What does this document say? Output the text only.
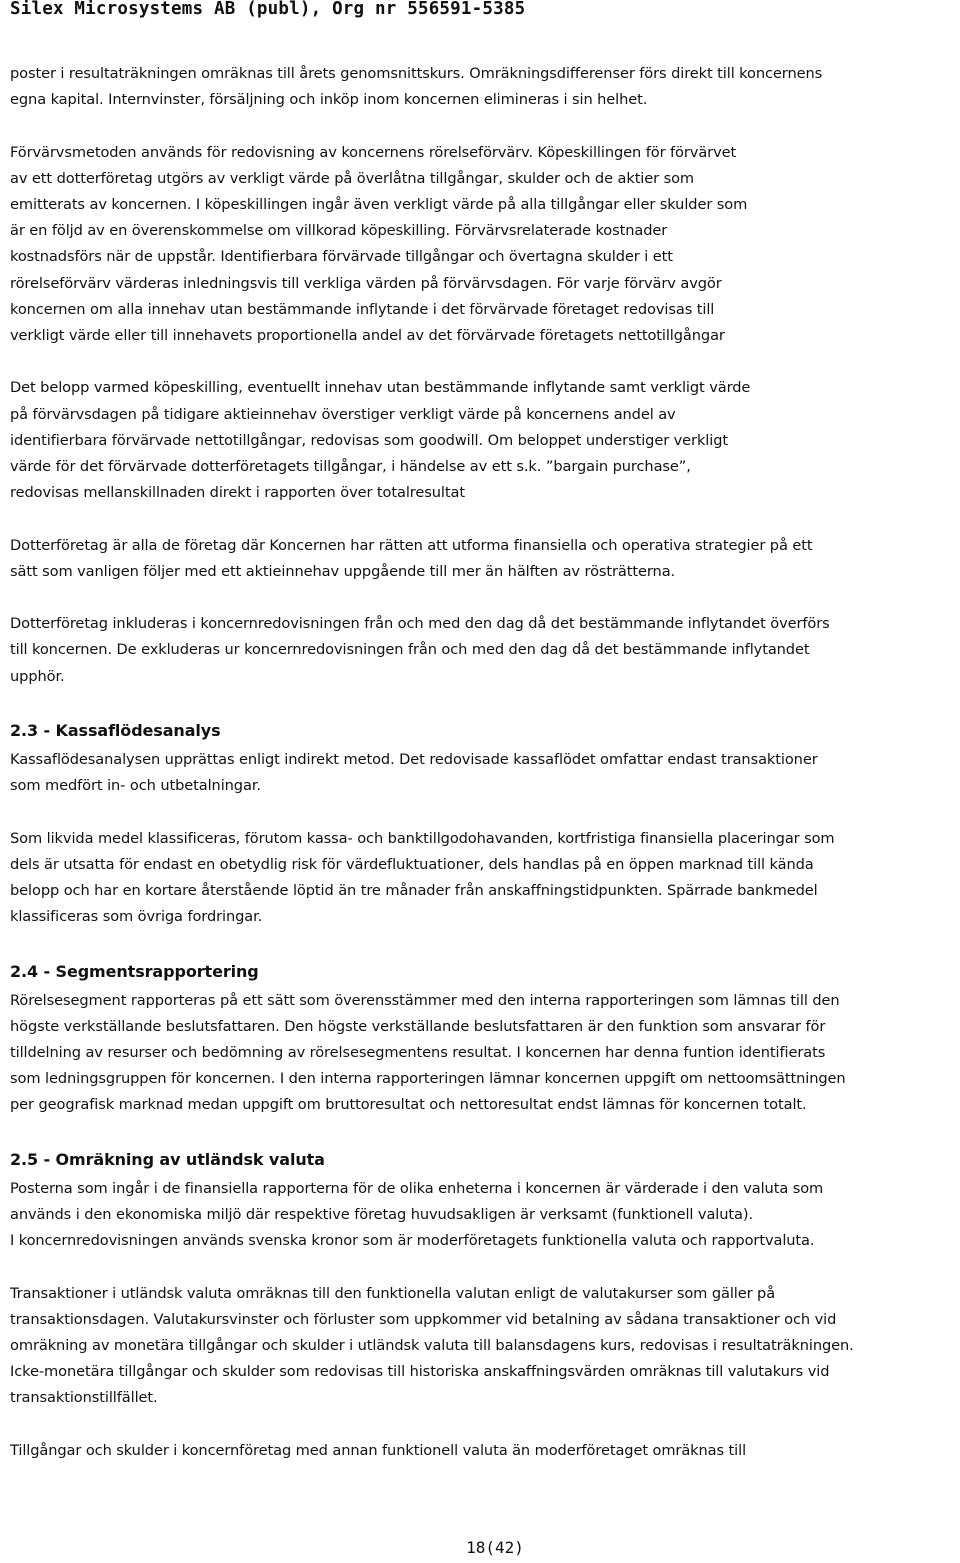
Silex Microsystems AB (publ), Org nr 556591-5385

poster i resultaträkningen omräknas till årets genomsnittskurs. Omräkningsdifferenser förs direkt till koncernens
egna kapital. Internvinster, försäljning och inköp inom koncernen elimineras i sin helhet.

Förvärvsmetoden används för redovisning av koncernens rörelseförvärv. Köpeskillingen för förvärvet
av ett dotterföretag utgörs av verkligt värde på överlåtna tillgångar, skulder och de aktier som
emitterats av koncernen. I köpeskillingen ingår även verkligt värde på alla tillgångar eller skulder som
är en följd av en överenskommelse om villkorad köpeskilling. Förvärvsrelaterade kostnader
kostnadsförs när de uppstår. Identifierbara förvärvade tillgångar och övertagna skulder i ett
rörelseförvärv värderas inledningsvis till verkliga värden på förvärvsdagen. För varje förvärv avgör
koncernen om alla innehav utan bestämmande inflytande i det förvärvade företaget redovisas till
verkligt värde eller till innehavets proportionella andel av det förvärvade företagets nettotillgångar

Det belopp varmed köpeskilling, eventuellt innehav utan bestämmande inflytande samt verkligt värde
på förvärvsdagen på tidigare aktieinnehav överstiger verkligt värde på koncernens andel av
identifierbara förvärvade nettotillgångar, redovisas som goodwill. Om beloppet understiger verkligt
värde för det förvärvade dotterföretagets tillgångar, i händelse av ett s.k. ”bargain purchase”,
redovisas mellanskillnaden direkt i rapporten över totalresultat

Dotterföretag är alla de företag där Koncernen har rätten att utforma finansiella och operativa strategier på ett
sätt som vanligen följer med ett aktieinnehav uppgående till mer än hälften av rösträtterna.

Dotterföretag inkluderas i koncernredovisningen från och med den dag då det bestämmande inflytandet överförs
till koncernen. De exkluderas ur koncernredovisningen från och med den dag då det bestämmande inflytandet
upphör.

2.3 - Kassaflödesanalys

Kassaflödesanalysen upprättas enligt indirekt metod. Det redovisade kassaflödet omfattar endast transaktioner
som medfört in- och utbetalningar.

Som likvida medel klassificeras, förutom kassa- och banktillgodohavanden, kortfristiga finansiella placeringar som
dels är utsatta för endast en obetydlig risk för värdefluktuationer, dels handlas på en öppen marknad till kända
belopp och har en kortare återstående löptid än tre månader från anskaffningstidpunkten. Spärrade bankmedel
klassificeras som övriga fordringar.

2.4 - Segmentsrapportering

Rörelsesegment rapporteras på ett sätt som överensstämmer med den interna rapporteringen som lämnas till den
högste verkställande beslutsfattaren. Den högste verkställande beslutsfattaren är den funktion som ansvarar för
tilldelning av resurser och bedömning av rörelsesegmentens resultat. I koncernen har denna funtion identifierats
som ledningsgruppen för koncernen. I den interna rapporteringen lämnar koncernen uppgift om nettoomsättningen
per geografisk marknad medan uppgift om bruttoresultat och nettoresultat endst lämnas för koncernen totalt.

2.5 - Omräkning av utländsk valuta

Posterna som ingår i de finansiella rapporterna för de olika enheterna i koncernen är värderade i den valuta som
används i den ekonomiska miljö där respektive företag huvudsakligen är verksamt (funktionell valuta).
I koncernredovisningen används svenska kronor som är moderföretagets funktionella valuta och rapportvaluta.

Transaktioner i utländsk valuta omräknas till den funktionella valutan enligt de valutakurser som gäller på
transaktionsdagen. Valutakursvinster och förluster som uppkommer vid betalning av sådana transaktioner och vid
omräkning av monetära tillgångar och skulder i utländsk valuta till balansdagens kurs, redovisas i resultaträkningen.
Icke-monetära tillgångar och skulder som redovisas till historiska anskaffningsvärden omräknas till valutakurs vid
transaktionstillfället.

Tillgångar och skulder i koncernföretag med annan funktionell valuta än moderföretaget omräknas till

18(42)
